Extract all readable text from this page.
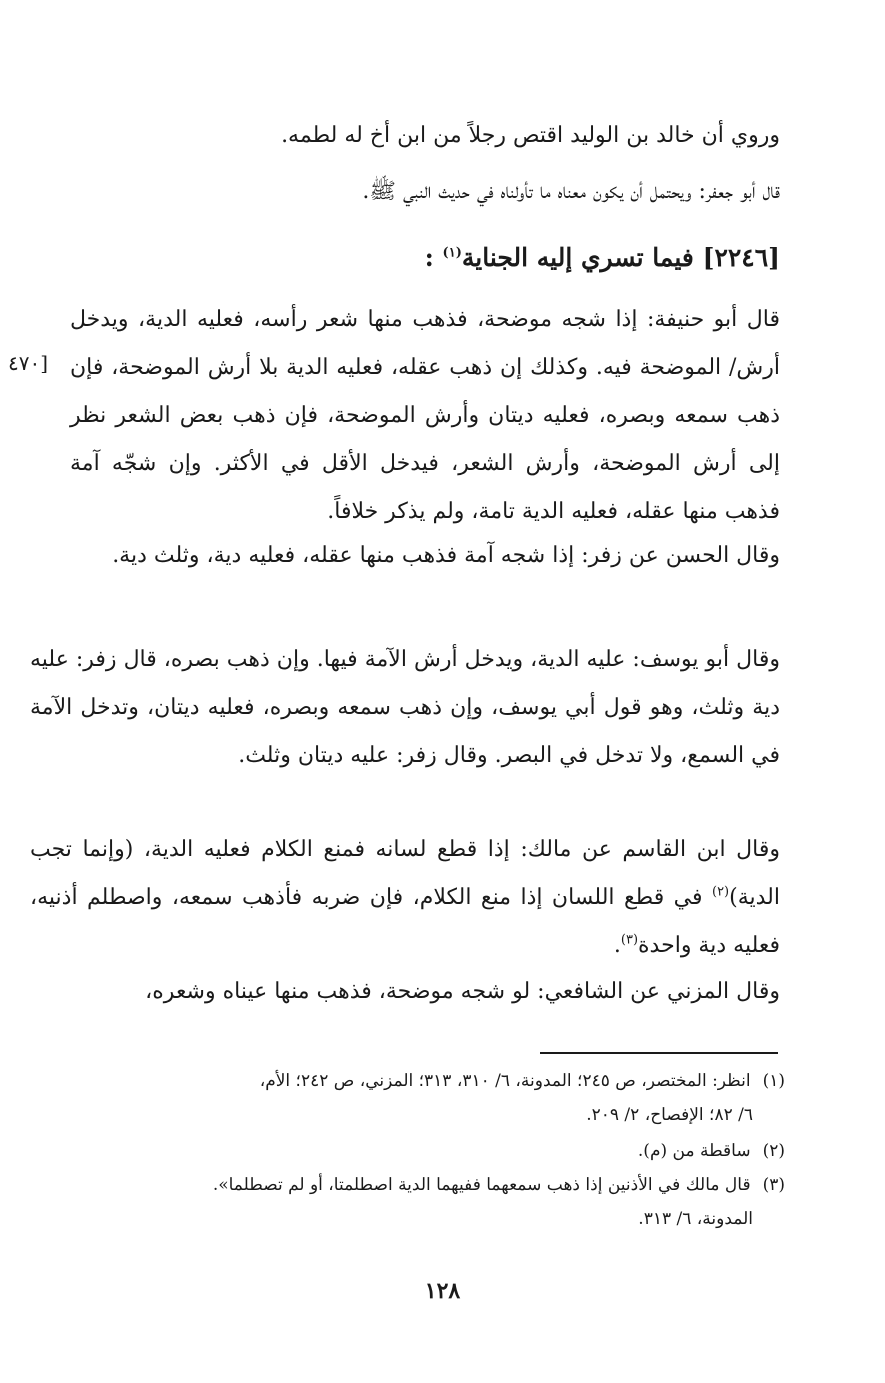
وروي أن خالد بن الوليد اقتص رجلاً من ابن أخ له لطمه.

قال أبو جعفر: ويحتمل أن يكون معناه ما تأولناه في حديث النبي ﷺ.

[٢٢٤٦] فيما تسري إليه الجناية$^{(١)}$ :
٤٧٠]

قال أبو حنيفة: إذا شجه موضحة، فذهب منها شعر رأسه، فعليه الدية، ويدخل أرش/ الموضحة فيه. وكذلك إن ذهب عقله، فعليه الدية بلا أرش الموضحة، فإن ذهب سمعه وبصره، فعليه ديتان وأرش الموضحة، فإن ذهب بعض الشعر نظر إلى أرش الموضحة، وأرش الشعر، فيدخل الأقل في الأكثر. وإن شجّه آمة فذهب منها عقله، فعليه الدية تامة، ولم يذكر خلافاً.

وقال الحسن عن زفر: إذا شجه آمة فذهب منها عقله، فعليه دية، وثلث دية.

وقال أبو يوسف: عليه الدية، ويدخل أرش الآمة فيها. وإن ذهب بصره، قال زفر: عليه دية وثلث، وهو قول أبي يوسف، وإن ذهب سمعه وبصره، فعليه ديتان، وتدخل الآمة في السمع، ولا تدخل في البصر. وقال زفر: عليه ديتان وثلث.

وقال ابن القاسم عن مالك: إذا قطع لسانه فمنع الكلام فعليه الدية، (وإنما تجب الدية)$^{(٢)}$ في قطع اللسان إذا منع الكلام، فإن ضربه فأذهب سمعه، واصطلم أذنيه، فعليه دية واحدة$^{(٣)}$.

وقال المزني عن الشافعي: لو شجه موضحة، فذهب منها عيناه وشعره،

(١)انظر: المختصر، ص ٢٤٥؛ المدونة، ٦/ ٣١٠، ٣١٣؛ المزني، ص ٢٤٢؛ الأم،
٦/ ٨٢؛ الإفصاح، ٢/ ٢٠٩.

(٢)ساقطة من (م).

(٣)قال مالك في الأذنين إذا ذهب سمعهما ففيهما الدية اصطلمتا، أو لم تصطلما».
المدونة، ٦/ ٣١٣.

١٢٨
